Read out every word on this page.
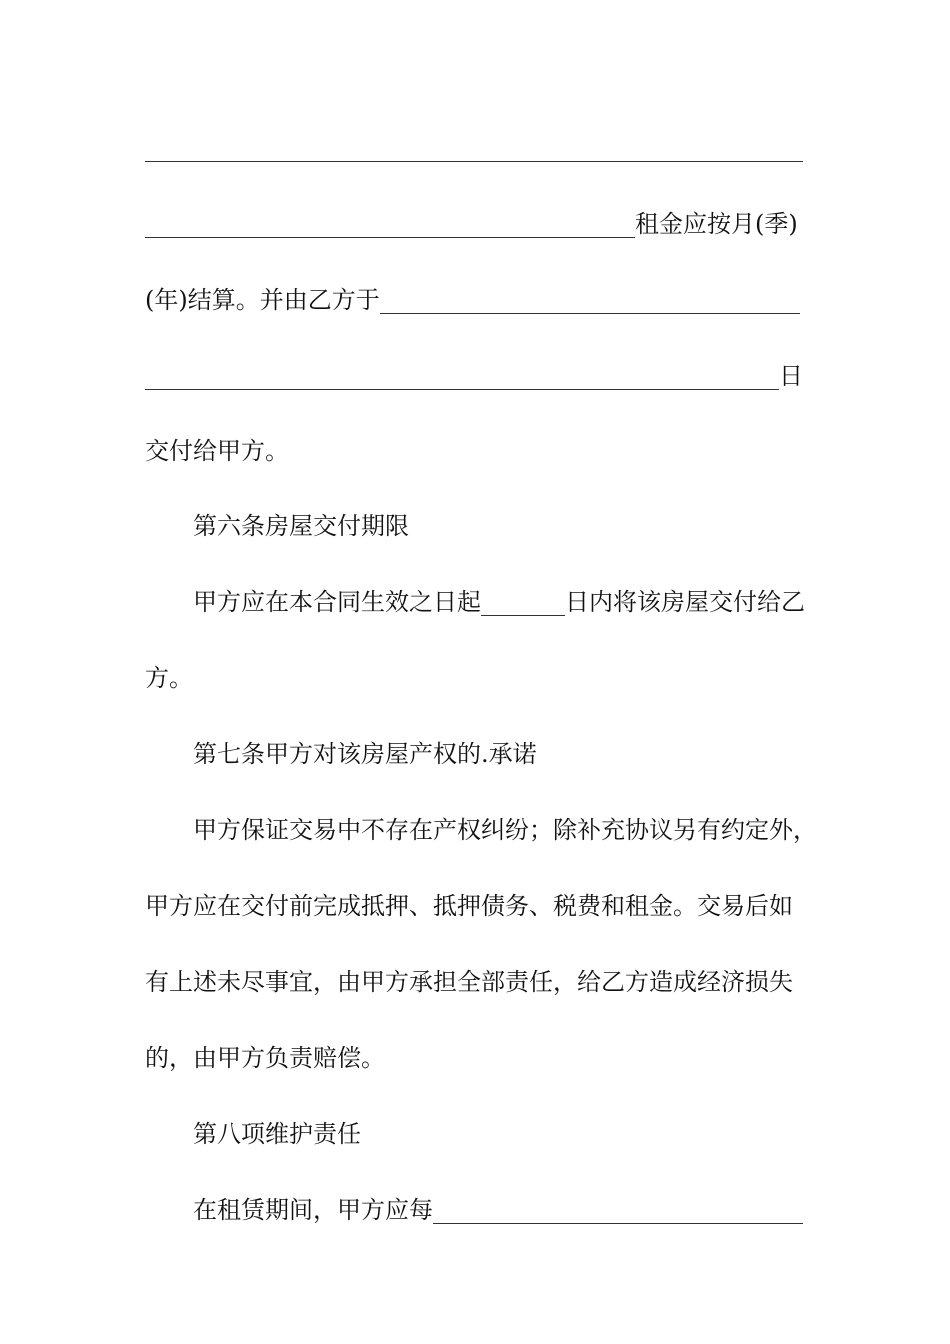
租金应按月(季)
(年)结算。并由乙方于
日
交付给甲方。
第六条房屋交付期限
甲方应在本合同生效之日起	日内将该房屋交付给乙
方。
第七条甲方对该房屋产权的.承诺
甲方保证交易中不存在产权纠纷；除补充协议另有约定外，
甲方应在交付前完成抵押、抵押债务、税费和租金。交易后如
有上述未尽事宜，由甲方承担全部责任，给乙方造成经济损失
的，由甲方负责赔偿。
第八项维护责任
在租赁期间，甲方应每
